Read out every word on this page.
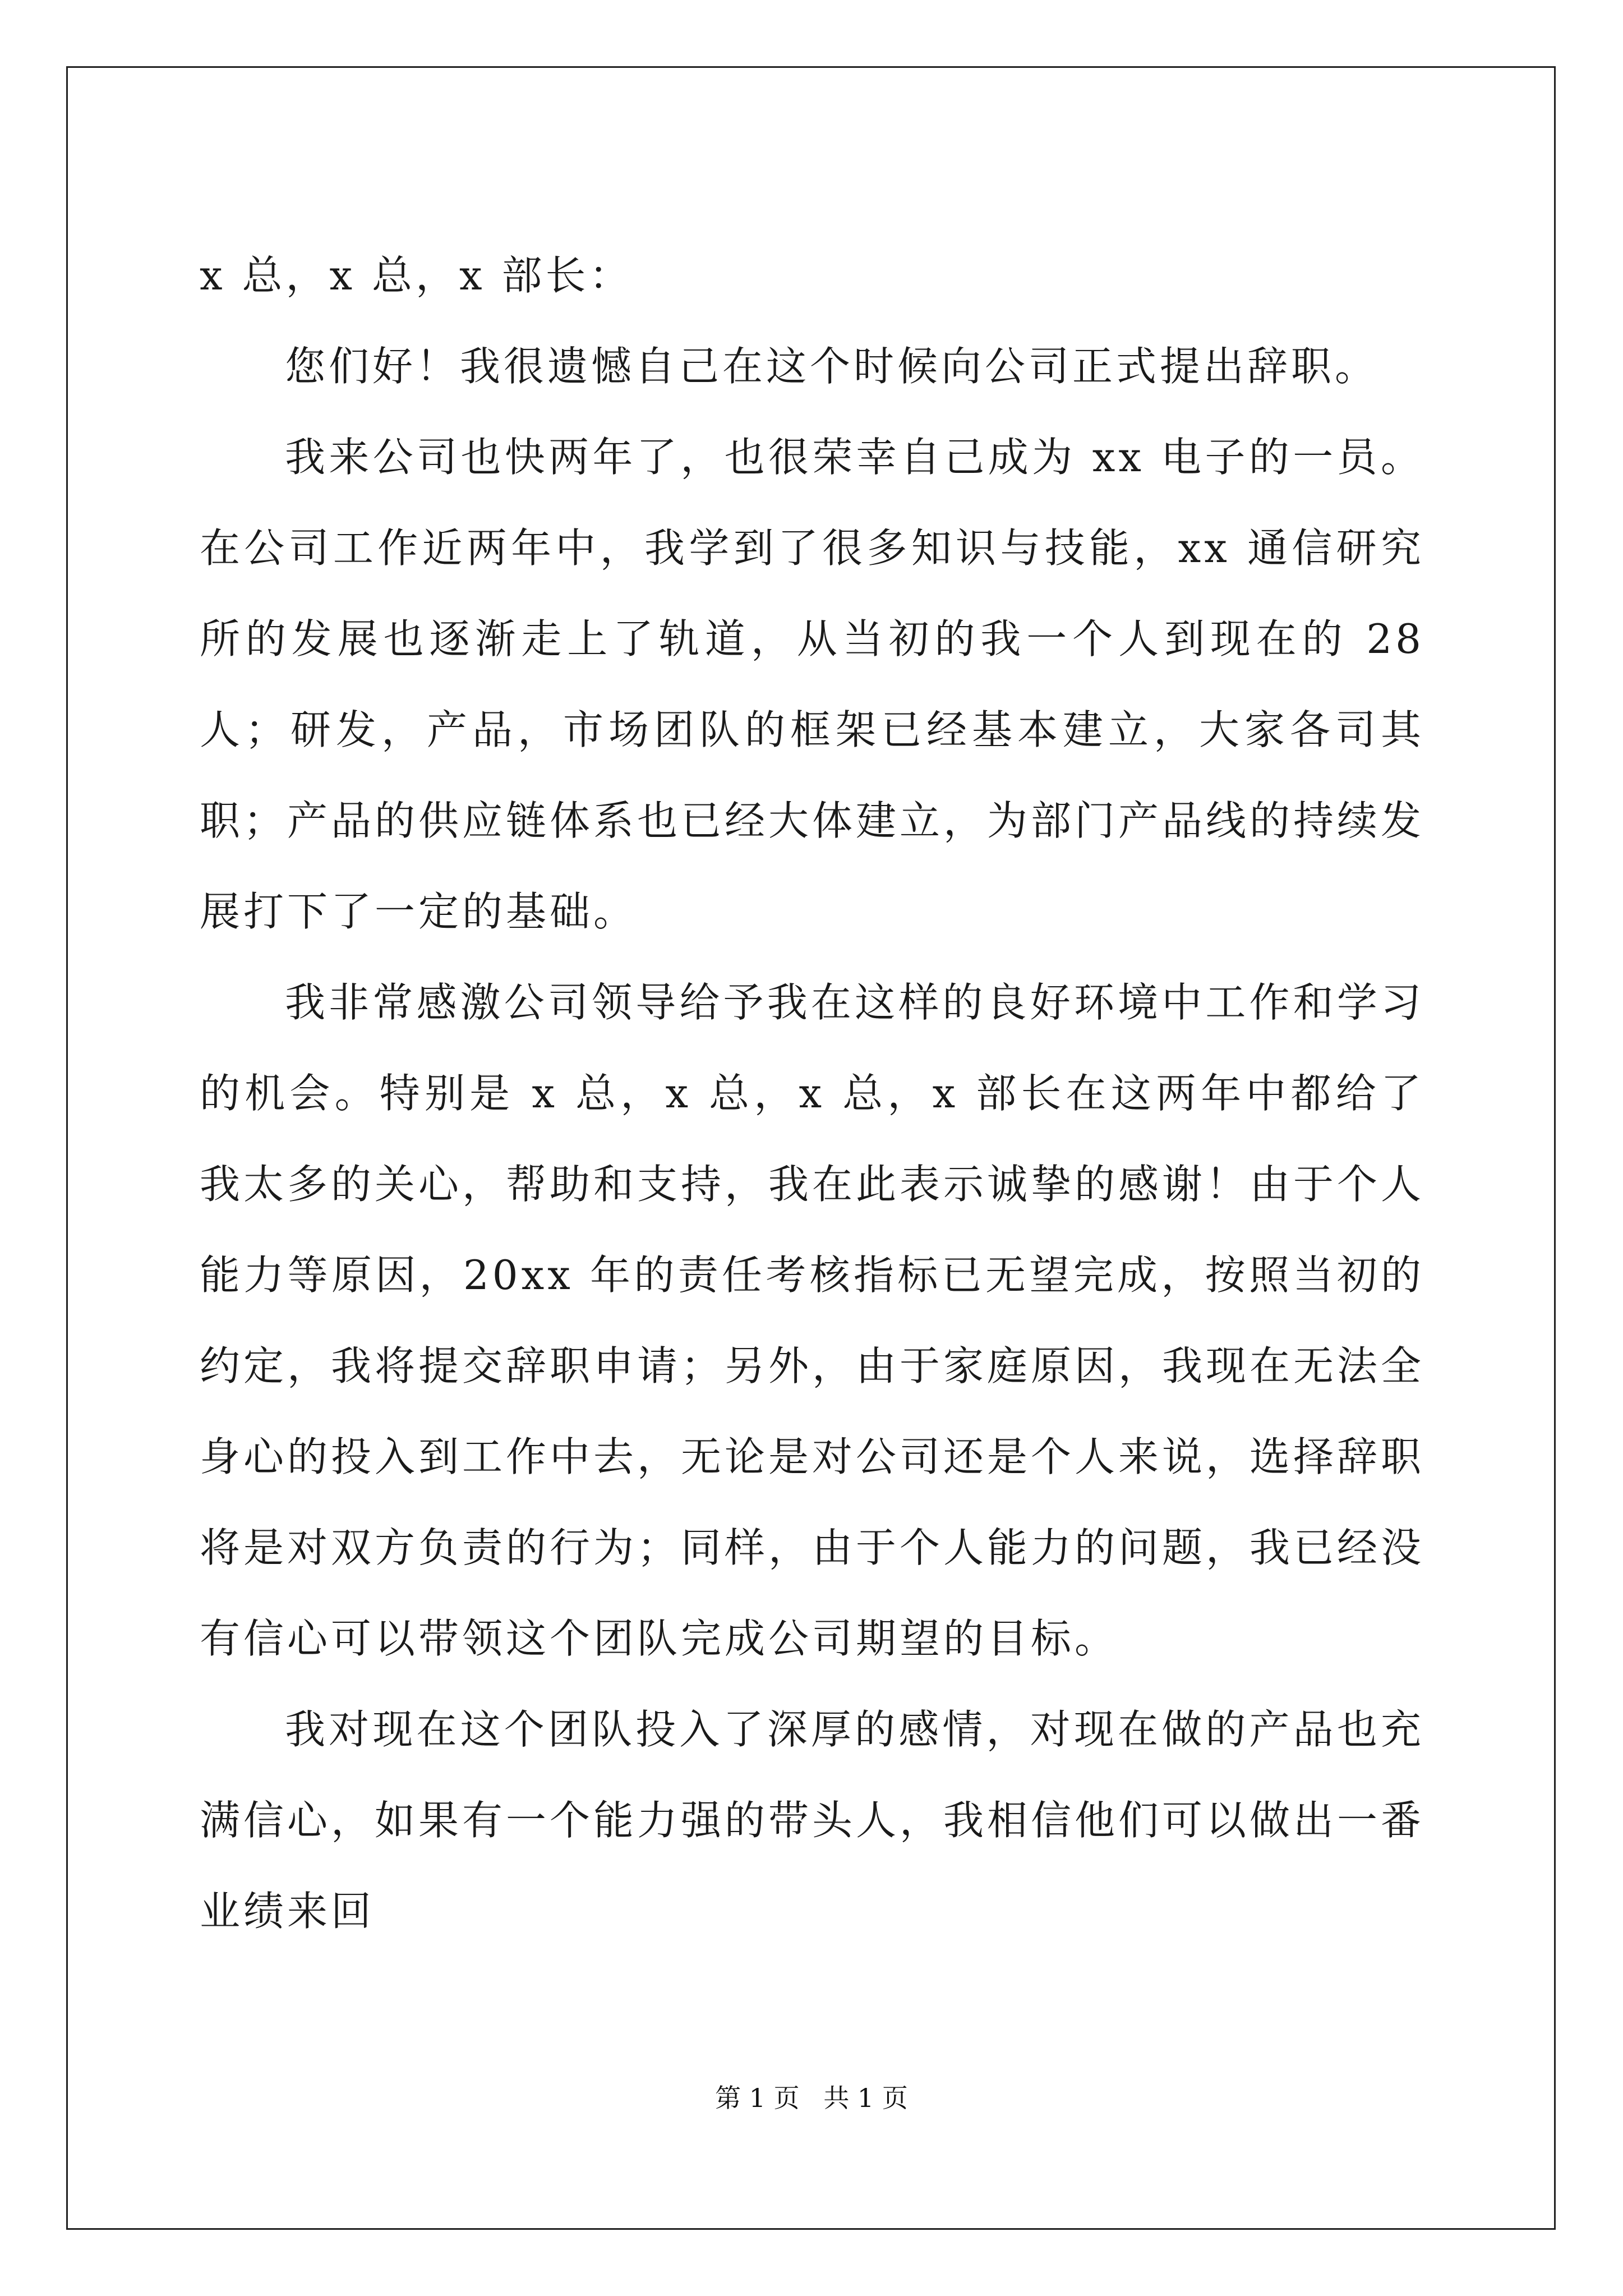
x 总，x 总，x 部长：

您们好！我很遗憾自己在这个时候向公司正式提出辞职。

我来公司也快两年了，也很荣幸自己成为 xx 电子的一员。在公司工作近两年中，我学到了很多知识与技能，xx 通信研究所的发展也逐渐走上了轨道，从当初的我一个人到现在的 28 人；研发，产品，市场团队的框架已经基本建立，大家各司其职；产品的供应链体系也已经大体建立，为部门产品线的持续发展打下了一定的基础。

我非常感激公司领导给予我在这样的良好环境中工作和学习的机会。特别是 x 总，x 总，x 总，x 部长在这两年中都给了我太多的关心，帮助和支持，我在此表示诚挚的感谢！由于个人能力等原因，20xx 年的责任考核指标已无望完成，按照当初的约定，我将提交辞职申请；另外，由于家庭原因，我现在无法全身心的投入到工作中去，无论是对公司还是个人来说，选择辞职将是对双方负责的行为；同样，由于个人能力的问题，我已经没有信心可以带领这个团队完成公司期望的目标。

我对现在这个团队投入了深厚的感情，对现在做的产品也充满信心，如果有一个能力强的带头人，我相信他们可以做出一番业绩来回

第 1 页 共 1 页
